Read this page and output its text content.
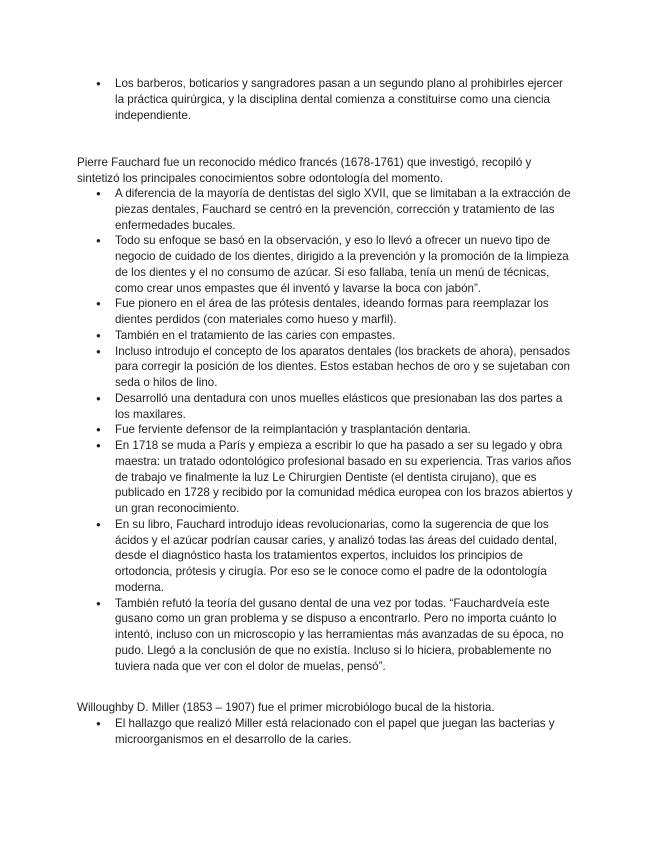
● Los barberos, boticarios y sangradores pasan a un segundo plano al prohibirles ejercer la práctica quirúrgica, y la disciplina dental comienza a constituirse como una ciencia independiente.

Pierre Fauchard fue un reconocido médico francés (1678-1761) que investigó, recopiló y sintetizó los principales conocimientos sobre odontología del momento.

● A diferencia de la mayoría de dentistas del siglo XVII, que se limitaban a la extracción de piezas dentales, Fauchard se centró en la prevención, corrección y tratamiento de las enfermedades bucales.
● Todo su enfoque se basó en la observación, y eso lo llevó a ofrecer un nuevo tipo de negocio de cuidado de los dientes, dirigido a la prevención y la promoción de la limpieza de los dientes y el no consumo de azúcar. Si eso fallaba, tenía un menú de técnicas, como crear unos empastes que él inventó y lavarse la boca con jabón”.
● Fue pionero en el área de las prótesis dentales, ideando formas para reemplazar los dientes perdidos (con materiales como hueso y marfil).
● También en el tratamiento de las caries con empastes.
● Incluso introdujo el concepto de los aparatos dentales (los brackets de ahora), pensados para corregir la posición de los dientes. Estos estaban hechos de oro y se sujetaban con seda o hilos de lino.
● Desarrolló una dentadura con unos muelles elásticos que presionaban las dos partes a los maxilares.
● Fue ferviente defensor de la reimplantación y trasplantación dentaria.
● En 1718 se muda a París y empieza a escribir lo que ha pasado a ser su legado y obra maestra: un tratado odontológico profesional basado en su experiencia. Tras varios años de trabajo ve finalmente la luz Le Chirurgien Dentiste (el dentista cirujano), que es publicado en 1728 y recibido por la comunidad médica europea con los brazos abiertos y un gran reconocimiento.
● En su libro, Fauchard introdujo ideas revolucionarias, como la sugerencia de que los ácidos y el azúcar podrían causar caries, y analizó todas las áreas del cuidado dental, desde el diagnóstico hasta los tratamientos expertos, incluidos los principios de ortodoncia, prótesis y cirugía. Por eso se le conoce como el padre de la odontología moderna.
● También refutó la teoría del gusano dental de una vez por todas. “Fauchardveía este gusano como un gran problema y se dispuso a encontrarlo. Pero no importa cuánto lo intentó, incluso con un microscopio y las herramientas más avanzadas de su época, no pudo. Llegó a la conclusión de que no existía. Incluso si lo hiciera, probablemente no tuviera nada que ver con el dolor de muelas, pensó”.

Willoughby D. Miller (1853 – 1907) fue el primer microbiólogo bucal de la historia.

● El hallazgo que realizó Miller está relacionado con el papel que juegan las bacterias y microorganismos en el desarrollo de la caries.
